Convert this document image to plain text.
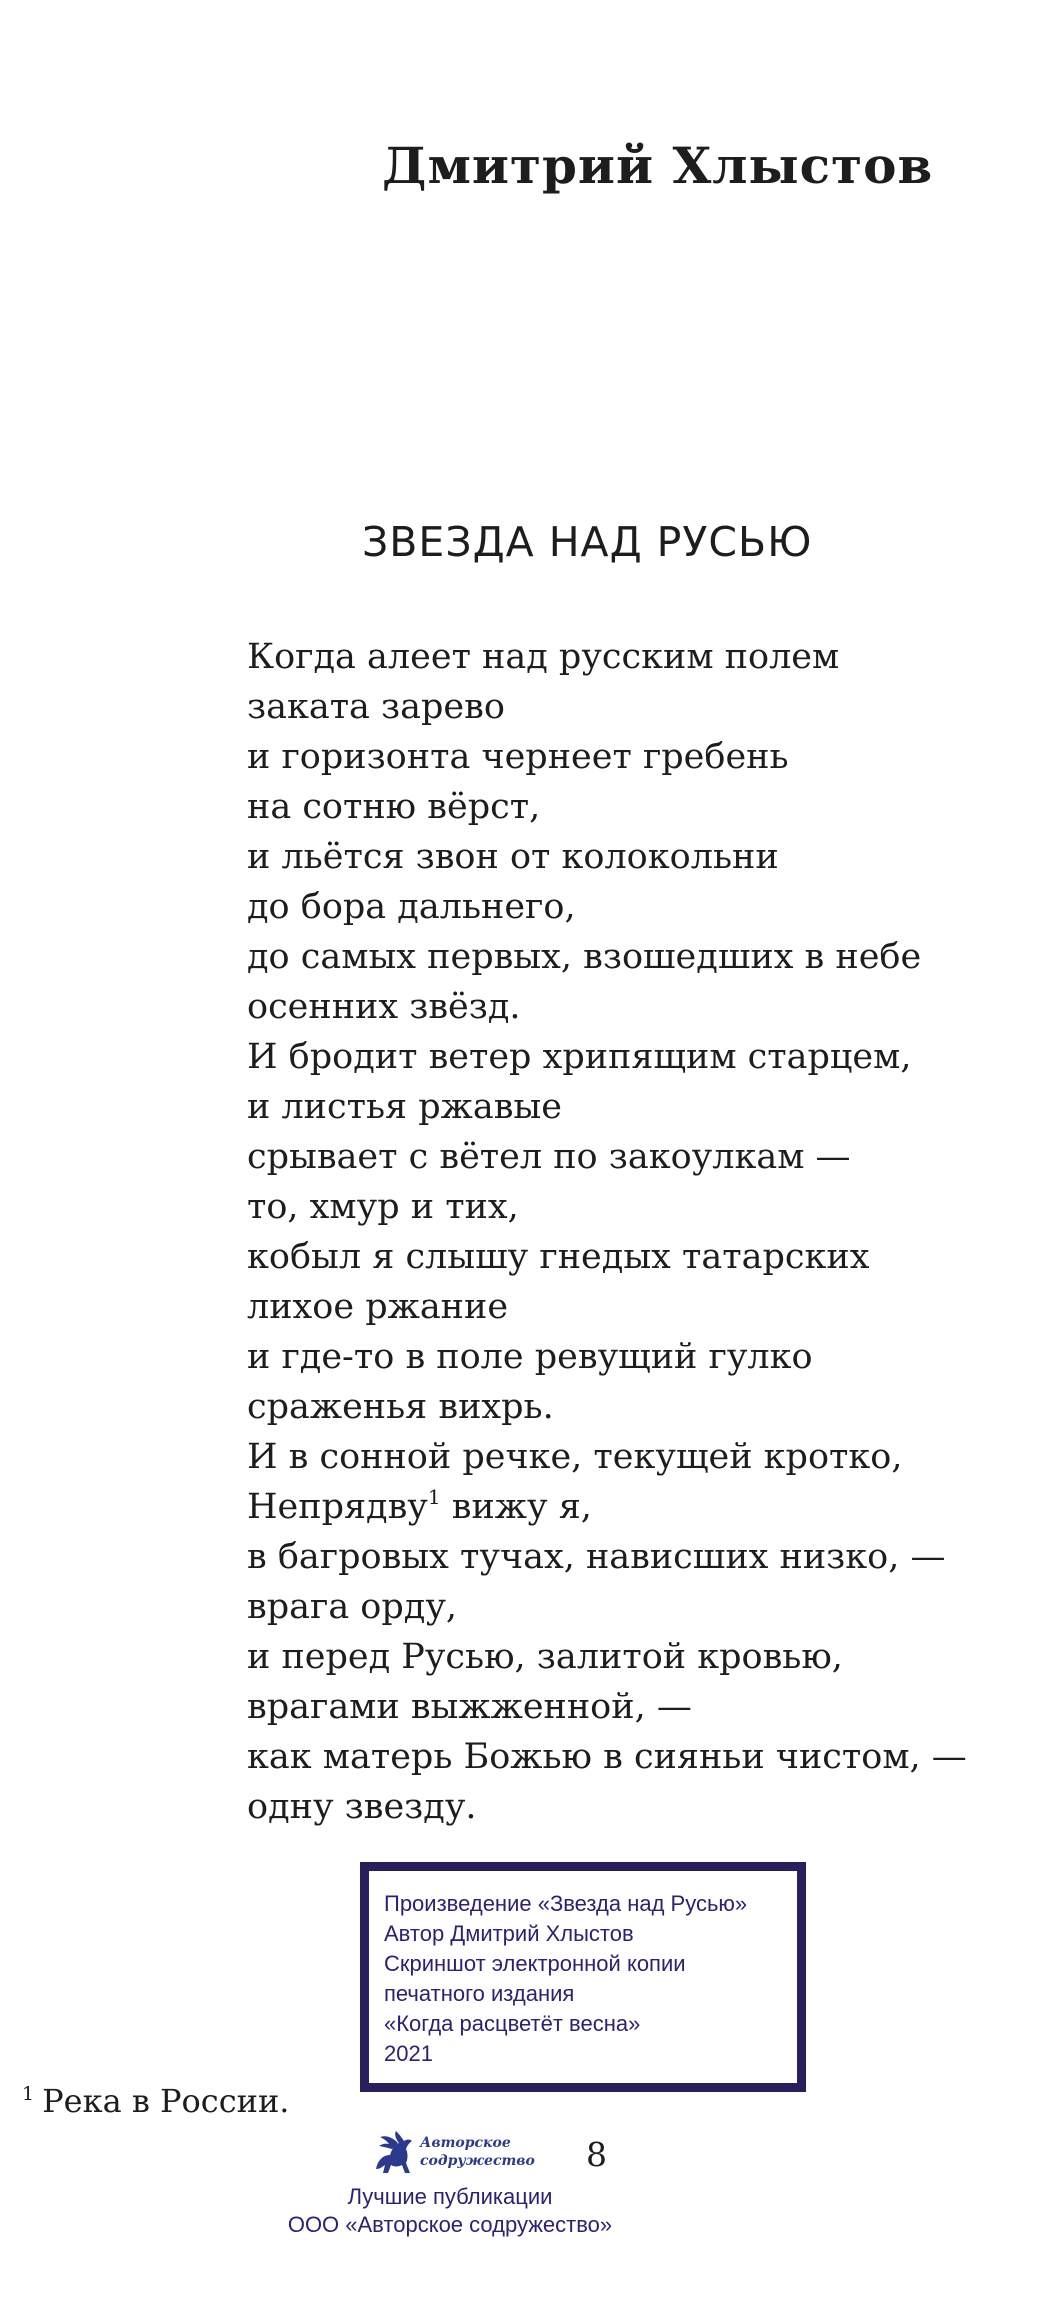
Дмитрий Хлыстов
ЗВЕЗДА НАД РУСЬЮ
Когда алеет над русским полем
заката зарево
и горизонта чернеет гребень
на сотню вёрст,
и льётся звон от колокольни
до бора дальнего,
до самых первых, взошедших в небе
осенних звёзд.
И бродит ветер хрипящим старцем,
и листья ржавые
срывает с вётел по закоулкам —
то, хмур и тих,
кобыл я слышу гнедых татарских
лихое ржание
и где-то в поле ревущий гулко
сраженья вихрь.
И в сонной речке, текущей кротко,
Непрядву$^1$ вижу я,
в багровых тучах, нависших низко, —
врага орду,
и перед Русью, залитой кровью,
врагами выжженной, —
как матерь Божью в сияньи чистом, —
одну звезду.
Произведение «Звезда над Русью»
Автор Дмитрий Хлыстов
Скриншот электронной копии
печатного издания
«Когда расцветёт весна»
2021
$^1$ Река в России.
Авторское
содружество 8
Лучшие публикации
ООО «Авторское содружество»
